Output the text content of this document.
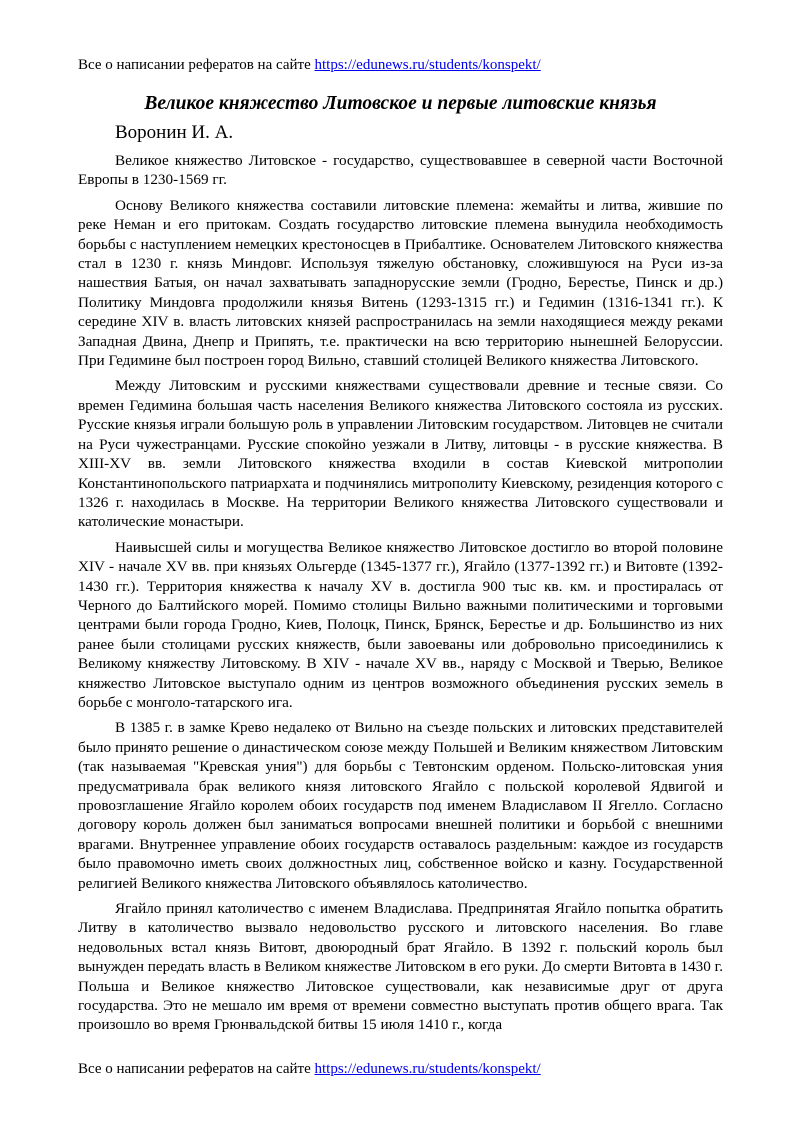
Все о написании рефератов на сайте https://edunews.ru/students/konspekt/
Великое княжество Литовское и первые литовские князья
Воронин И. А.

Великое княжество Литовское - государство, существовавшее в северной части Восточной Европы в 1230-1569 гг.

Основу Великого княжества составили литовские племена: жемайты и литва, жившие по реке Неман и его притокам. Создать государство литовские племена вынудила необходимость борьбы с наступлением немецких крестоносцев в Прибалтике. Основателем Литовского княжества стал в 1230 г. князь Миндовг. Используя тяжелую обстановку, сложившуюся на Руси из-за нашествия Батыя, он начал захватывать западнорусские земли (Гродно, Берестье, Пинск и др.) Политику Миндовга продолжили князья Витень (1293-1315 гг.) и Гедимин (1316-1341 гг.). К середине XIV в. власть литовских князей распространилась на земли находящиеся между реками Западная Двина, Днепр и Припять, т.е. практически на всю территорию нынешней Белоруссии. При Гедимине был построен город Вильно, ставший столицей Великого княжества Литовского.

Между Литовским и русскими княжествами существовали древние и тесные связи. Со времен Гедимина большая часть населения Великого княжества Литовского состояла из русских. Русские князья играли большую роль в управлении Литовским государством. Литовцев не считали на Руси чужестранцами. Русские спокойно уезжали в Литву, литовцы - в русские княжества. В XIII-XV вв. земли Литовского княжества входили в состав Киевской митрополии Константинопольского патриархата и подчинялись митрополиту Киевскому, резиденция которого с 1326 г. находилась в Москве. На территории Великого княжества Литовского существовали и католические монастыри.

Наивысшей силы и могущества Великое княжество Литовское достигло во второй половине XIV - начале XV вв. при князьях Ольгерде (1345-1377 гг.), Ягайло (1377-1392 гг.) и Витовте (1392-1430 гг.). Территория княжества к началу XV в. достигла 900 тыс кв. км. и простиралась от Черного до Балтийского морей. Помимо столицы Вильно важными политическими и торговыми центрами были города Гродно, Киев, Полоцк, Пинск, Брянск, Берестье и др. Большинство из них ранее были столицами русских княжеств, были завоеваны или добровольно присоединились к Великому княжеству Литовскому. В XIV - начале XV вв., наряду с Москвой и Тверью, Великое княжество Литовское выступало одним из центров возможного объединения русских земель в борьбе с монголо-татарского ига.

В 1385 г. в замке Крево недалеко от Вильно на съезде польских и литовских представителей было принято решение о династическом союзе между Польшей и Великим княжеством Литовским (так называемая "Кревская уния") для борьбы с Тевтонским орденом. Польско-литовская уния предусматривала брак великого князя литовского Ягайло с польской королевой Ядвигой и провозглашение Ягайло королем обоих государств под именем Владиславом II Ягелло. Согласно договору король должен был заниматься вопросами внешней политики и борьбой с внешними врагами. Внутреннее управление обоих государств оставалось раздельным: каждое из государств было правомочно иметь своих должностных лиц, собственное войско и казну. Государственной религией Великого княжества Литовского объявлялось католичество.

Ягайло принял католичество с именем Владислава. Предпринятая Ягайло попытка обратить Литву в католичество вызвало недовольство русского и литовского населения. Во главе недовольных встал князь Витовт, двоюродный брат Ягайло. В 1392 г. польский король был вынужден передать власть в Великом княжестве Литовском в его руки. До смерти Витовта в 1430 г. Польша и Великое княжество Литовское существовали, как независимые друг от друга государства. Это не мешало им время от времени совместно выступать против общего врага. Так произошло во время Грюнвальдской битвы 15 июля 1410 г., когда

Все о написании рефератов на сайте https://edunews.ru/students/konspekt/
